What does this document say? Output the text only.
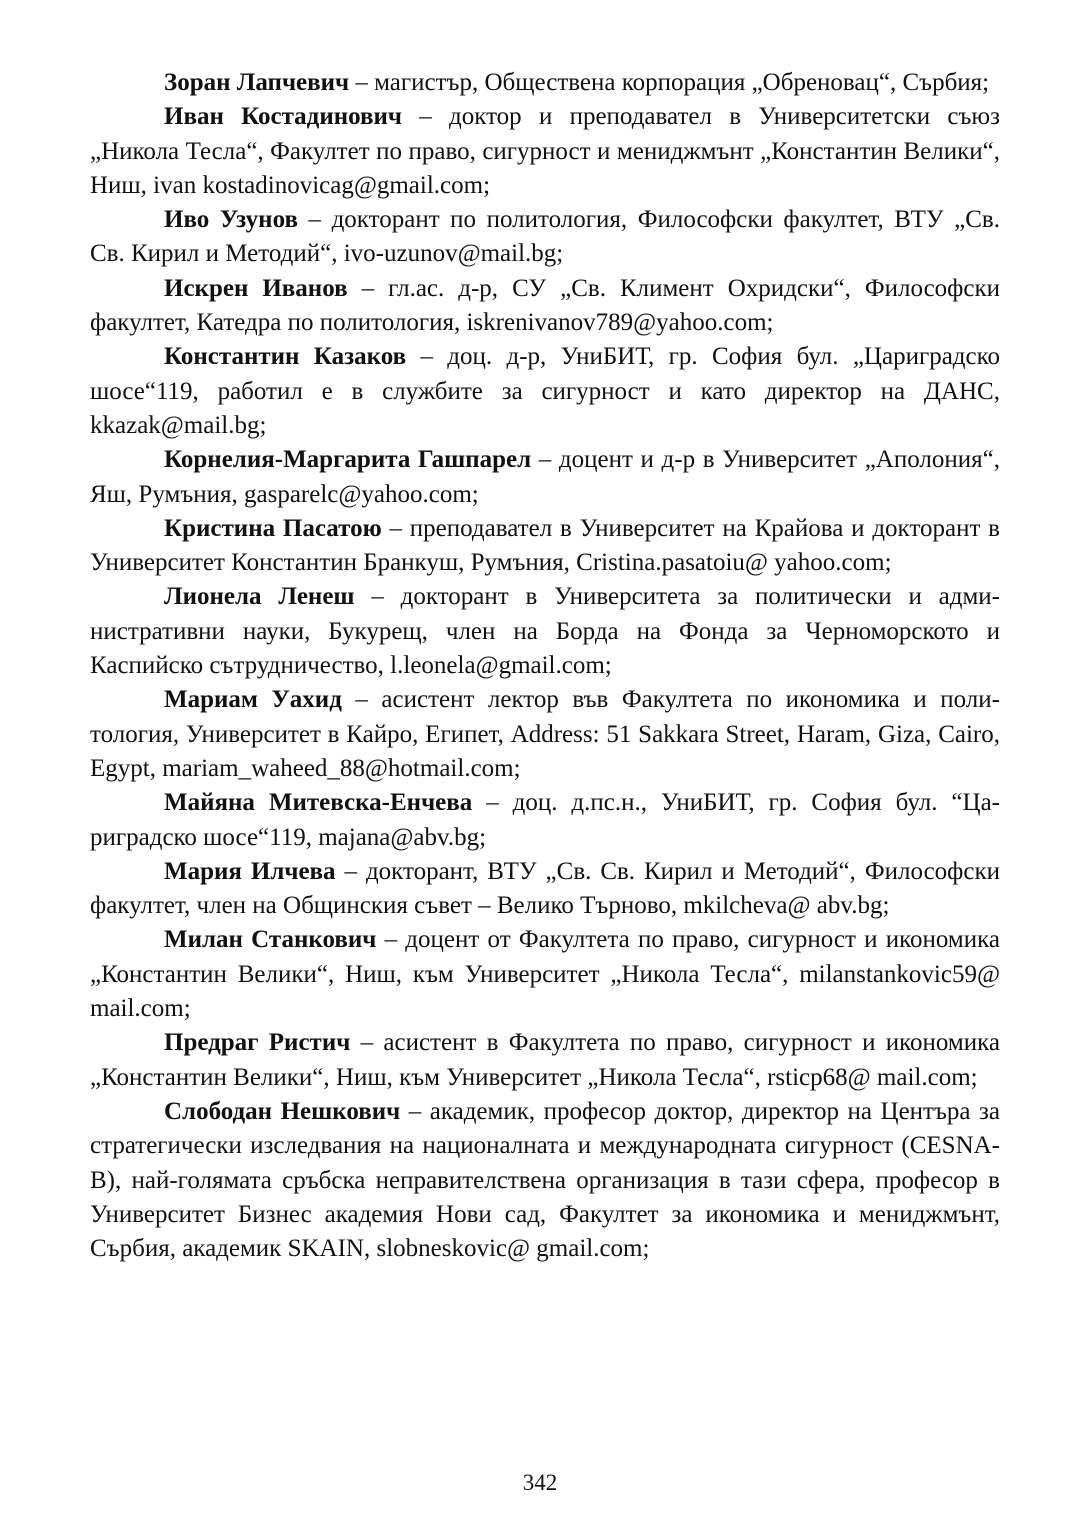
Зоран Лапчевич – магистър, Обществена корпорация „Обреновац“, Сърбия;

Иван Костадинович – доктор и преподавател в Университетски съюз „Никола Тесла“, Факултет по право, сигурност и мениджмънт „Константин Велики“, Ниш, ivan kostadinovicag@gmail.com;

Иво Узунов – докторант по политология, Философски факултет, ВТУ „Св. Св. Кирил и Методий“, ivo-uzunov@mail.bg;

Искрен Иванов – гл.ас. д-р, СУ „Св. Климент Охридски“, Философски факултет, Катедра по политология, iskrenivanov789@yahoo.com;

Константин Казаков – доц. д-р, УниБИТ, гр. София бул. „Цариградско шосе“119, работил е в службите за сигурност и като директор на ДАНС, kkazak@mail.bg;

Корнелия-Маргарита Гашпарел – доцент и д-р в Университет „Аполония“, Яш, Румъния, gasparelc@yahoo.com;

Кристина Пасатою – преподавател в Университет на Крайова и докторант в Университет Константин Бранкуш, Румъния, Cristina.pasatoiu@ yahoo.com;

Лионела Ленеш – докторант в Университета за политически и административни науки, Букурещ, член на Борда на Фонда за Черноморското и Каспийско сътрудничество, l.leonela@gmail.com;

Мариам Уахид – асистент лектор във Факултета по икономика и политология, Университет в Кайро, Египет, Address: 51 Sakkara Street, Haram, Giza, Cairo, Egypt, mariam_waheed_88@hotmail.com;

Майяна Митевска-Енчева – доц. д.пс.н., УниБИТ, гр. София бул. “Цариградско шосе“119, majana@abv.bg;

Мария Илчева – докторант, ВТУ „Св. Св. Кирил и Методий“, Философски факултет, член на Общинския съвет – Велико Търново, mkilcheva@ abv.bg;

Милан Станкович – доцент от Факултета по право, сигурност и икономика „Константин Велики“, Ниш, към Университет „Никола Тесла“, milanstankovic59@ mail.com;

Предраг Ристич – асистент в Факултета по право, сигурност и икономика „Константин Велики“, Ниш, към Университет „Никола Тесла“, rsticp68@ mail.com;

Слободан Нешкович – академик, професор доктор, директор на Центъра за стратегически изследвания на националната и международната сигурност (CESNA-B), най-голямата сръбска неправителствена организация в тази сфера, професор в Университет Бизнес академия Нови сад, Факултет за икономика и мениджмънт, Сърбия, академик SKAIN, slobneskovic@ gmail.com;

342
